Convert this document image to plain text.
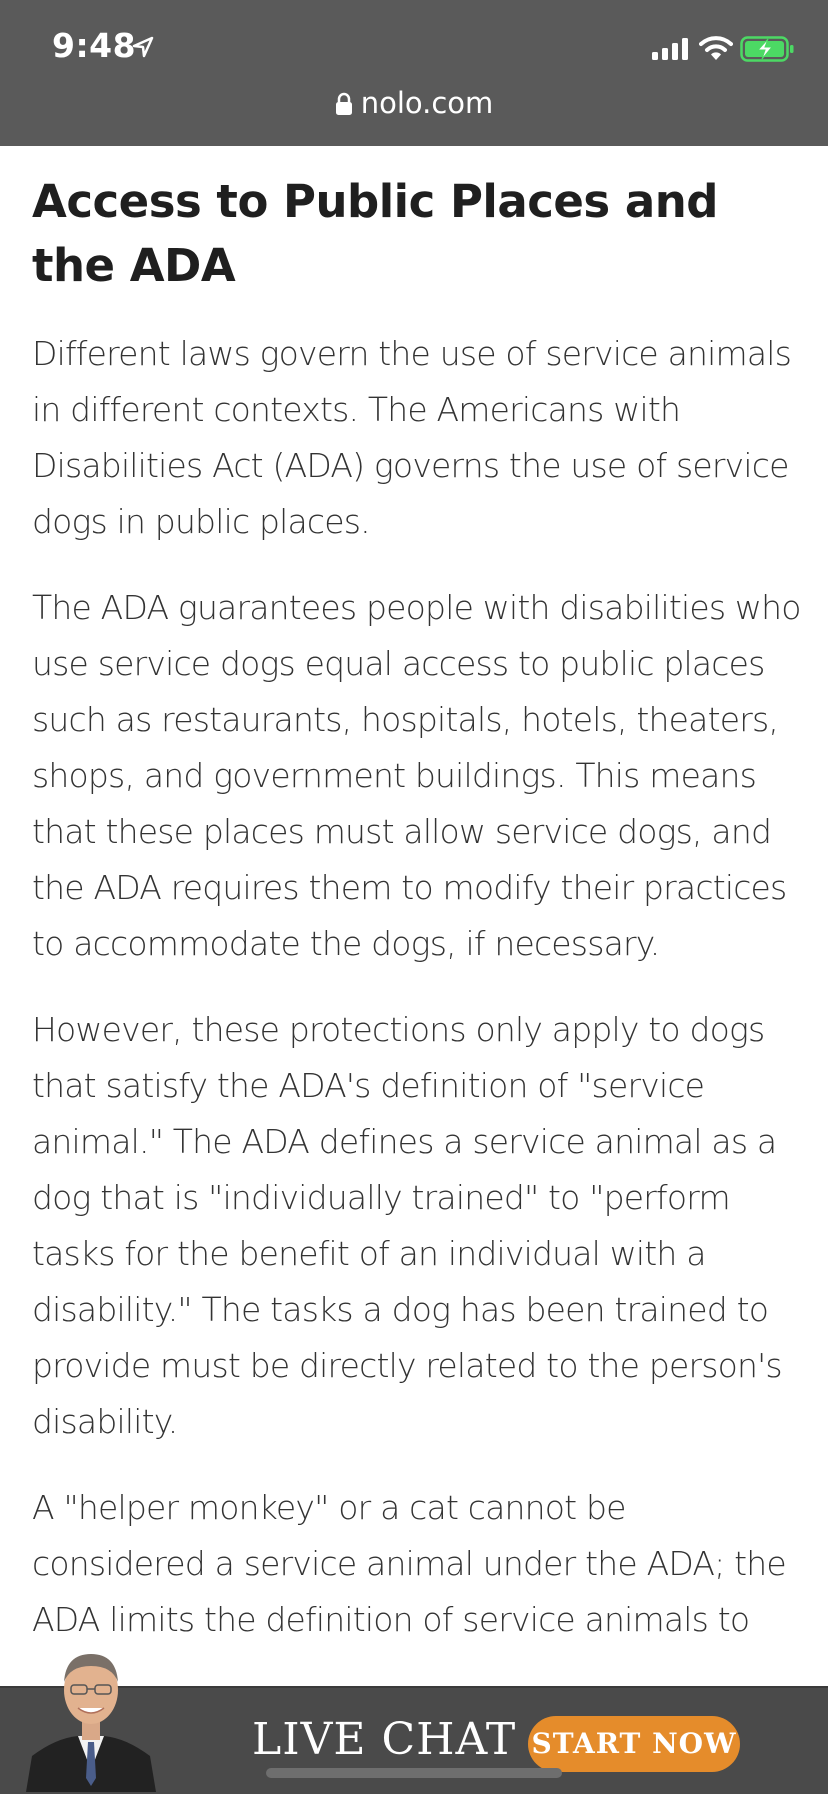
9:48
nolo.com
Access to Public Places and the ADA

Different laws govern the use of service animals in different contexts. The Americans with Disabilities Act (ADA) governs the use of service dogs in public places.

The ADA guarantees people with disabilities who use service dogs equal access to public places such as restaurants, hospitals, hotels, theaters, shops, and government buildings. This means that these places must allow service dogs, and the ADA requires them to modify their practices to accommodate the dogs, if necessary.

However, these protections only apply to dogs that satisfy the ADA's definition of "service animal." The ADA defines a service animal as a dog that is "individually trained" to "perform tasks for the benefit of an individual with a disability." The tasks a dog has been trained to provide must be directly related to the person's disability.

A "helper monkey" or a cat cannot be considered a service animal under the ADA; the ADA limits the definition of service animals to

LIVE CHAT START NOW
